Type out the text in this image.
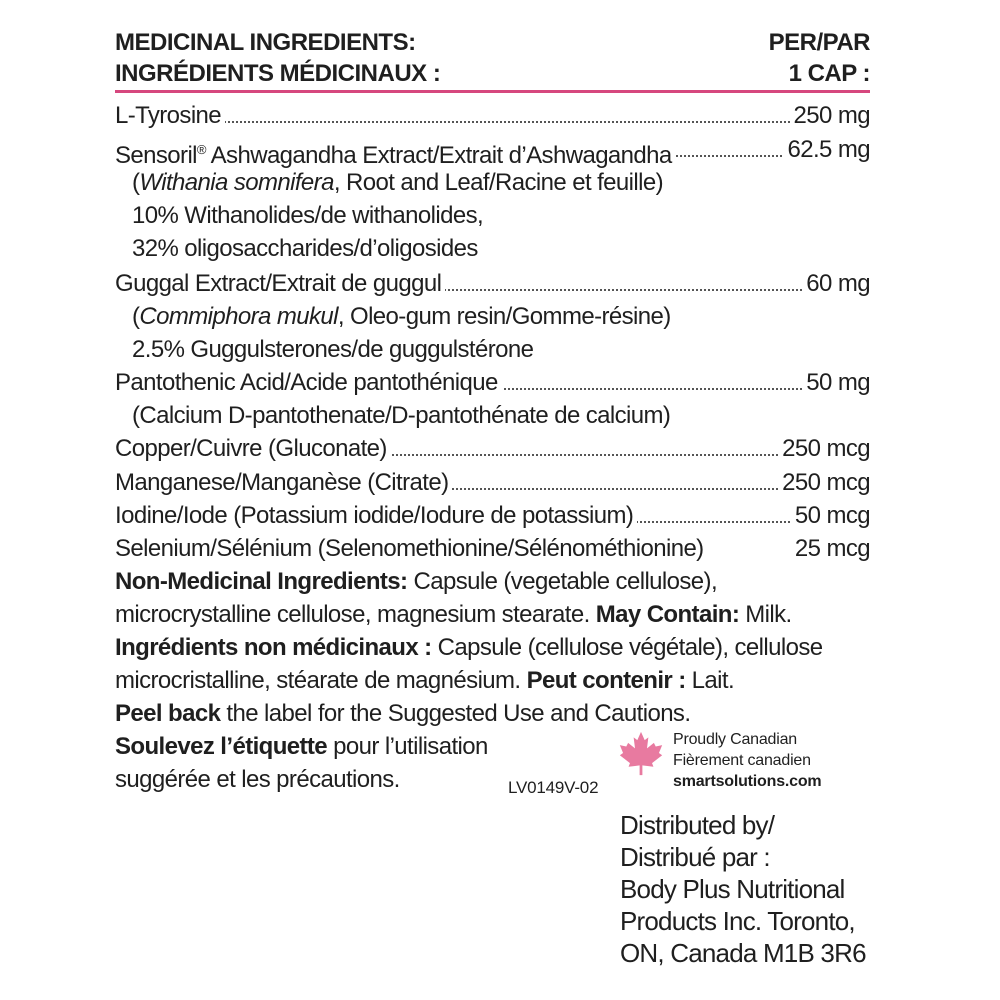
MEDICINAL INGREDIENTS:	PER/PAR
INGRÉDIENTS MÉDICINAUX :	1 CAP :
L-Tyrosine	250 mg
Sensoril® Ashwagandha Extract/Extrait d’Ashwagandha	62.5 mg
(Withania somnifera, Root and Leaf/Racine et feuille)
10% Withanolides/de withanolides,
32% oligosaccharides/d’oligosides
Guggal Extract/Extrait de guggul	60 mg
(Commiphora mukul, Oleo-gum resin/Gomme-résine)
2.5% Guggulsterones/de guggulstérone
Pantothenic Acid/Acide pantothénique	50 mg
(Calcium D-pantothenate/D-pantothénate de calcium)
Copper/Cuivre (Gluconate)	250 mcg
Manganese/Manganèse (Citrate)	250 mcg
Iodine/Iode (Potassium iodide/Iodure de potassium)	50 mcg
Selenium/Sélénium (Selenomethionine/Sélénométhionine)	25 mcg
Non-Medicinal Ingredients: Capsule (vegetable cellulose),
microcrystalline cellulose, magnesium stearate. May Contain: Milk.
Ingrédients non médicinaux : Capsule (cellulose végétale), cellulose
microcristalline, stéarate de magnésium. Peut contenir : Lait.
Peel back the label for the Suggested Use and Cautions.
Soulevez l’étiquette pour l’utilisation
suggérée et les précautions.	LV0149V-02
Proudly Canadian
Fièrement canadien
smartsolutions.com
Distributed by/
Distribué par :
Body Plus Nutritional
Products Inc. Toronto,
ON, Canada M1B 3R6
